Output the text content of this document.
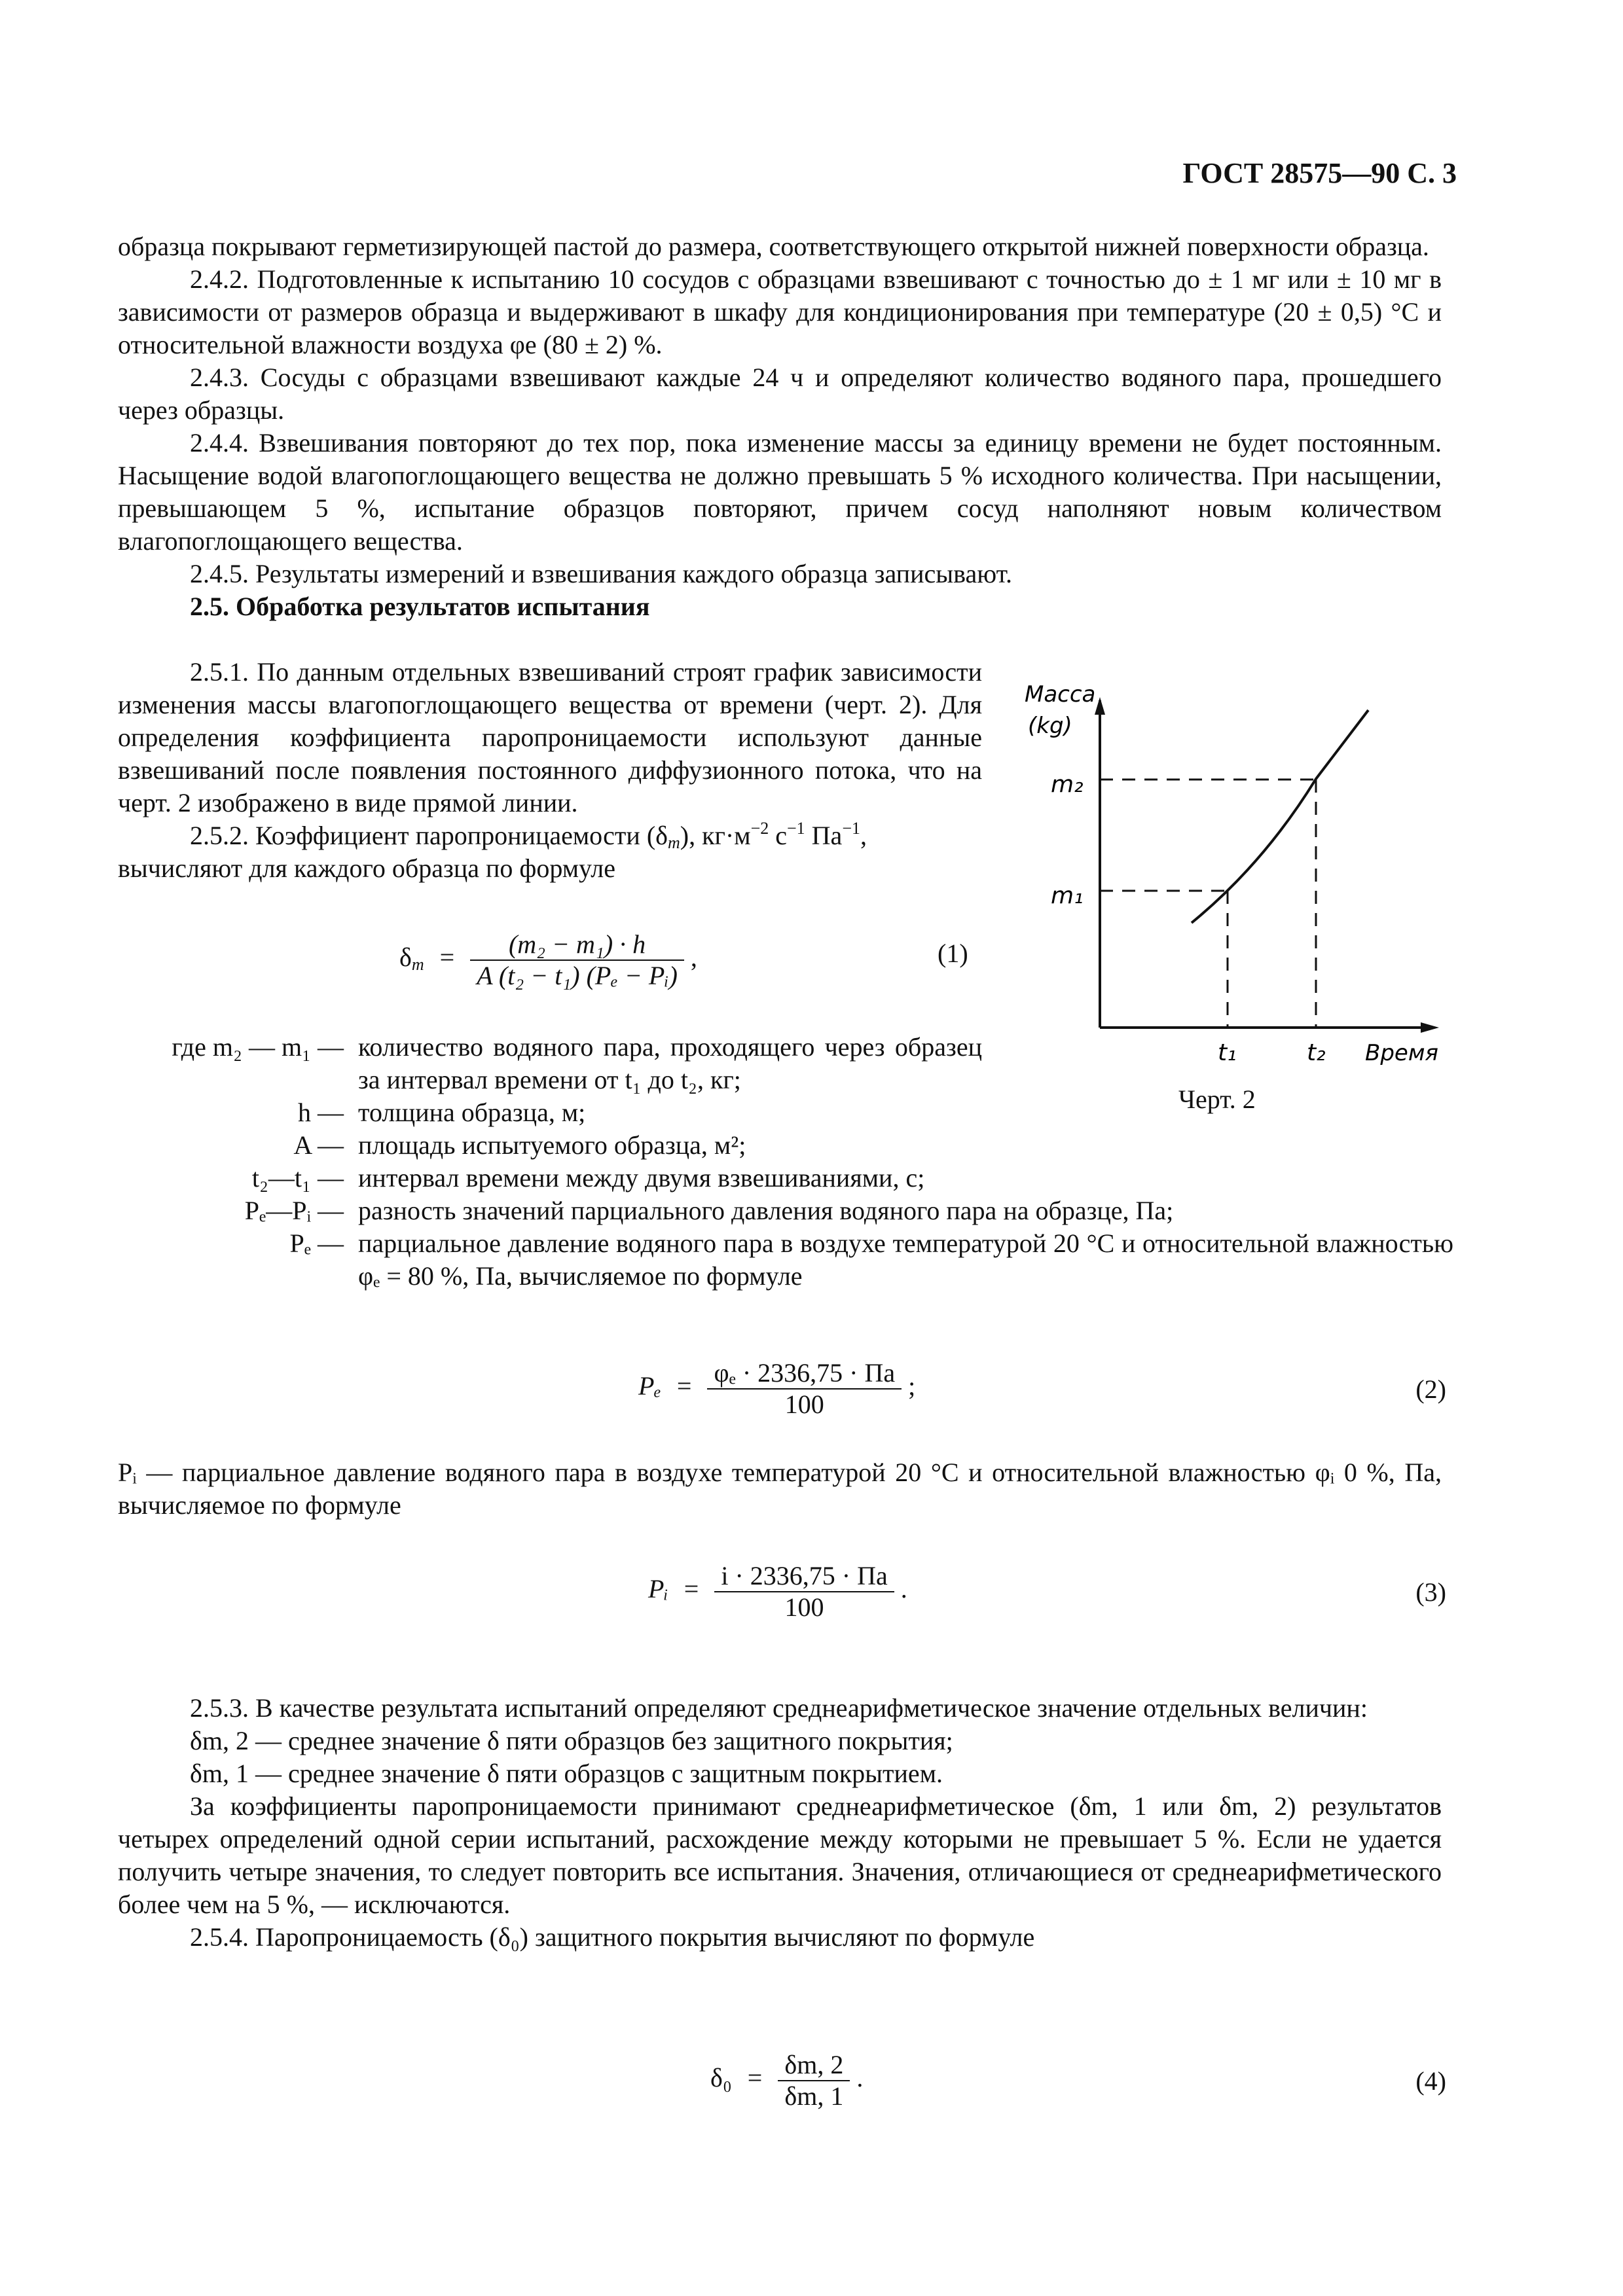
ГОСТ 28575—90 С. 3

образца покрывают герметизирующей пастой до размера, соответствующего открытой нижней поверхности образца.

2.4.2. Подготовленные к испытанию 10 сосудов с образцами взвешивают с точностью до ± 1 мг или ± 10 мг в зависимости от размеров образца и выдерживают в шкафу для кондиционирования при температуре (20 ± 0,5) °С и относительной влажности воздуха φe (80 ± 2) %.

2.4.3. Сосуды с образцами взвешивают каждые 24 ч и определяют количество водяного пара, прошедшего через образцы.

2.4.4. Взвешивания повторяют до тех пор, пока изменение массы за единицу времени не будет постоянным. Насыщение водой влагопоглощающего вещества не должно превышать 5 % исходного количества. При насыщении, превышающем 5 %, испытание образцов повторяют, причем сосуд наполняют новым количеством влагопоглощающего вещества.

2.4.5. Результаты измерений и взвешивания каждого образца записывают.

2.5. Обработка результатов испытания

2.5.1. По данным отдельных взвешиваний строят график зависимости изменения массы влагопоглощающего вещества от времени (черт. 2). Для определения коэффициента паропроницаемости используют данные взвешиваний после появления постоянного диффузионного потока, что на черт. 2 изображено в виде прямой линии.

2.5.2. Коэффициент паропроницаемости $(\delta_m)$, $кг\cdot м^{-2}$ $с^{-1}$ $Па^{-1}$,
вычисляют для каждого образца по формуле

$\delta_m = \frac{\text{(m₂ − m₁) · h}}{\text{A (t₂ − t₁) (Pₑ − Pᵢ)}}$ ,	(1)
Масса
(kg)
m₂
m₁
t₁	t₂ Время
Черт. 2
где m₂ — m₁ — количество водяного пара, проходящего через образец за интервал времени от t₁ до t₂, кг;
h — толщина образца, м;
A — площадь испытуемого образца, м²;
t₂—t₁ — интервал времени между двумя взвешиваниями, с;
Pₑ—Pᵢ — разность значений парциального давления водяного пара на образце, Па;
Pₑ — парциальное давление водяного пара в воздухе температурой 20 °С и относительной влажностью φₑ = 80 %, Па, вычисляемое по формуле
$P_e = \frac{\text{φₑ · 2336,75 · Па}}{100}$ ;	(2)
Pᵢ — парциальное давление водяного пара в воздухе температурой 20 °С и относительной влажностью φᵢ 0 %, Па, вычисляемое по формуле
Pᵢ = $\frac{i \cdot 2336,75 \cdot Па}{100}$ .	(3)

2.5.3. В качестве результата испытаний определяют среднеарифметическое значение отдельных величин:

δm, 2 — среднее значение δ пяти образцов без защитного покрытия;

δm, 1 — среднее значение δ пяти образцов с защитным покрытием.

За коэффициенты паропроницаемости принимают среднеарифметическое (δm, 1 или δm, 2) результатов четырех определений одной серии испытаний, расхождение между которыми не превышает 5 %. Если не удается получить четыре значения, то следует повторить все испытания. Значения, отличающиеся от среднеарифметического более чем на 5 %, — исключаются.

2.5.4. Паропроницаемость (δ₀) защитного покрытия вычисляют по формуле

$\delta_0 = \frac{\delta m, 2}{\delta m, 1}$ .	(4)
